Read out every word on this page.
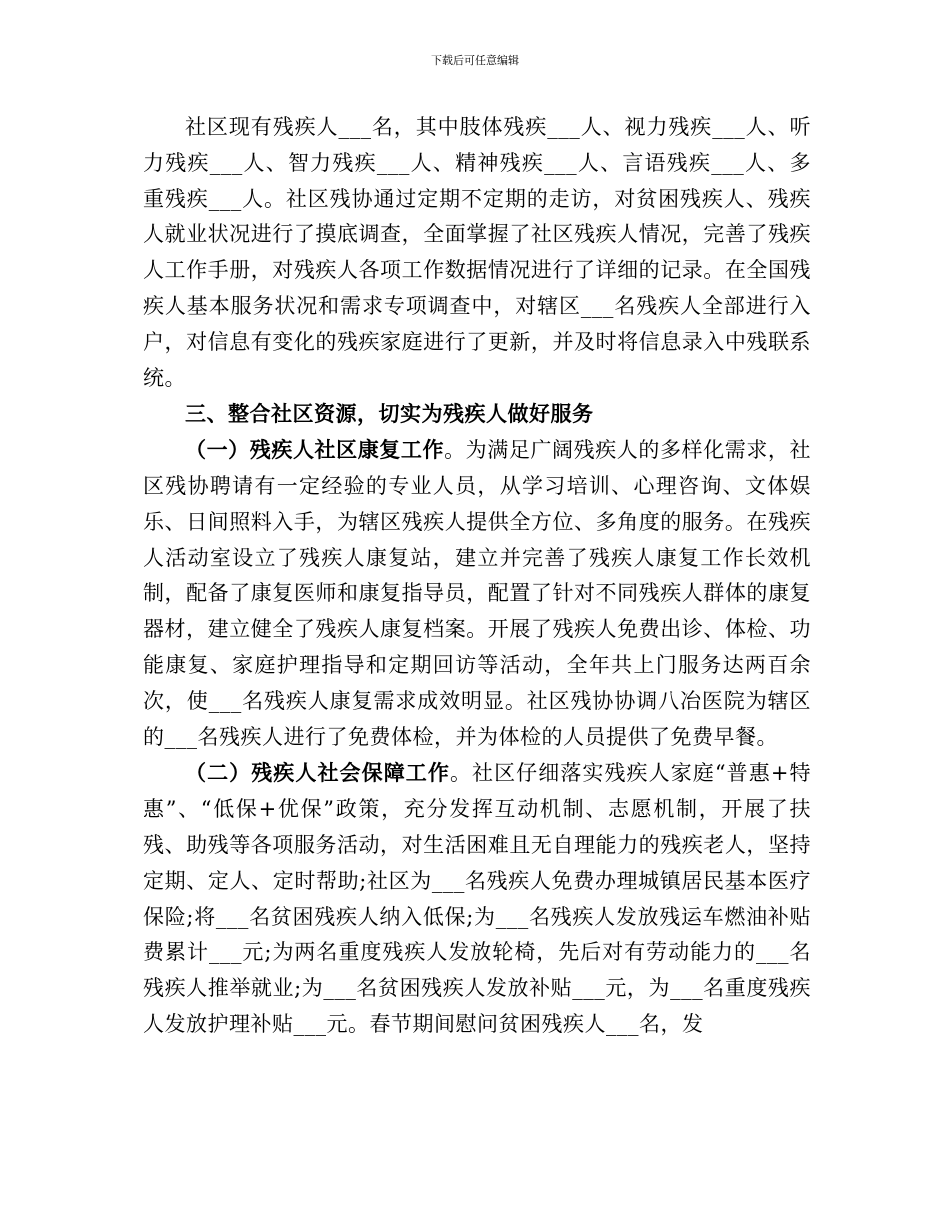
下载后可任意编辑

社区现有残疾人___名，其中肢体残疾___人、视力残疾___人、听力残疾___人、智力残疾___人、精神残疾___人、言语残疾___人、多重残疾___人。社区残协通过定期不定期的走访，对贫困残疾人、残疾人就业状况进行了摸底调查，全面掌握了社区残疾人情况，完善了残疾人工作手册，对残疾人各项工作数据情况进行了详细的记录。在全国残疾人基本服务状况和需求专项调查中，对辖区___名残疾人全部进行入户，对信息有变化的残疾家庭进行了更新，并及时将信息录入中残联系统。

三、整合社区资源，切实为残疾人做好服务

（一）残疾人社区康复工作。为满足广阔残疾人的多样化需求，社区残协聘请有一定经验的专业人员，从学习培训、心理咨询、文体娱乐、日间照料入手，为辖区残疾人提供全方位、多角度的服务。在残疾人活动室设立了残疾人康复站，建立并完善了残疾人康复工作长效机制，配备了康复医师和康复指导员，配置了针对不同残疾人群体的康复器材，建立健全了残疾人康复档案。开展了残疾人免费出诊、体检、功能康复、家庭护理指导和定期回访等活动，全年共上门服务达两百余次，使___名残疾人康复需求成效明显。社区残协协调八冶医院为辖区的___名残疾人进行了免费体检，并为体检的人员提供了免费早餐。

（二）残疾人社会保障工作。社区仔细落实残疾人家庭“普惠+特惠”、“低保+优保”政策，充分发挥互动机制、志愿机制，开展了扶残、助残等各项服务活动，对生活困难且无自理能力的残疾老人，坚持定期、定人、定时帮助;社区为___名残疾人免费办理城镇居民基本医疗保险;将___名贫困残疾人纳入低保;为___名残疾人发放残运车燃油补贴费累计___元;为两名重度残疾人发放轮椅，先后对有劳动能力的___名残疾人推举就业;为___名贫困残疾人发放补贴___元，为___名重度残疾人发放护理补贴___元。春节期间慰问贫困残疾人___名，发
